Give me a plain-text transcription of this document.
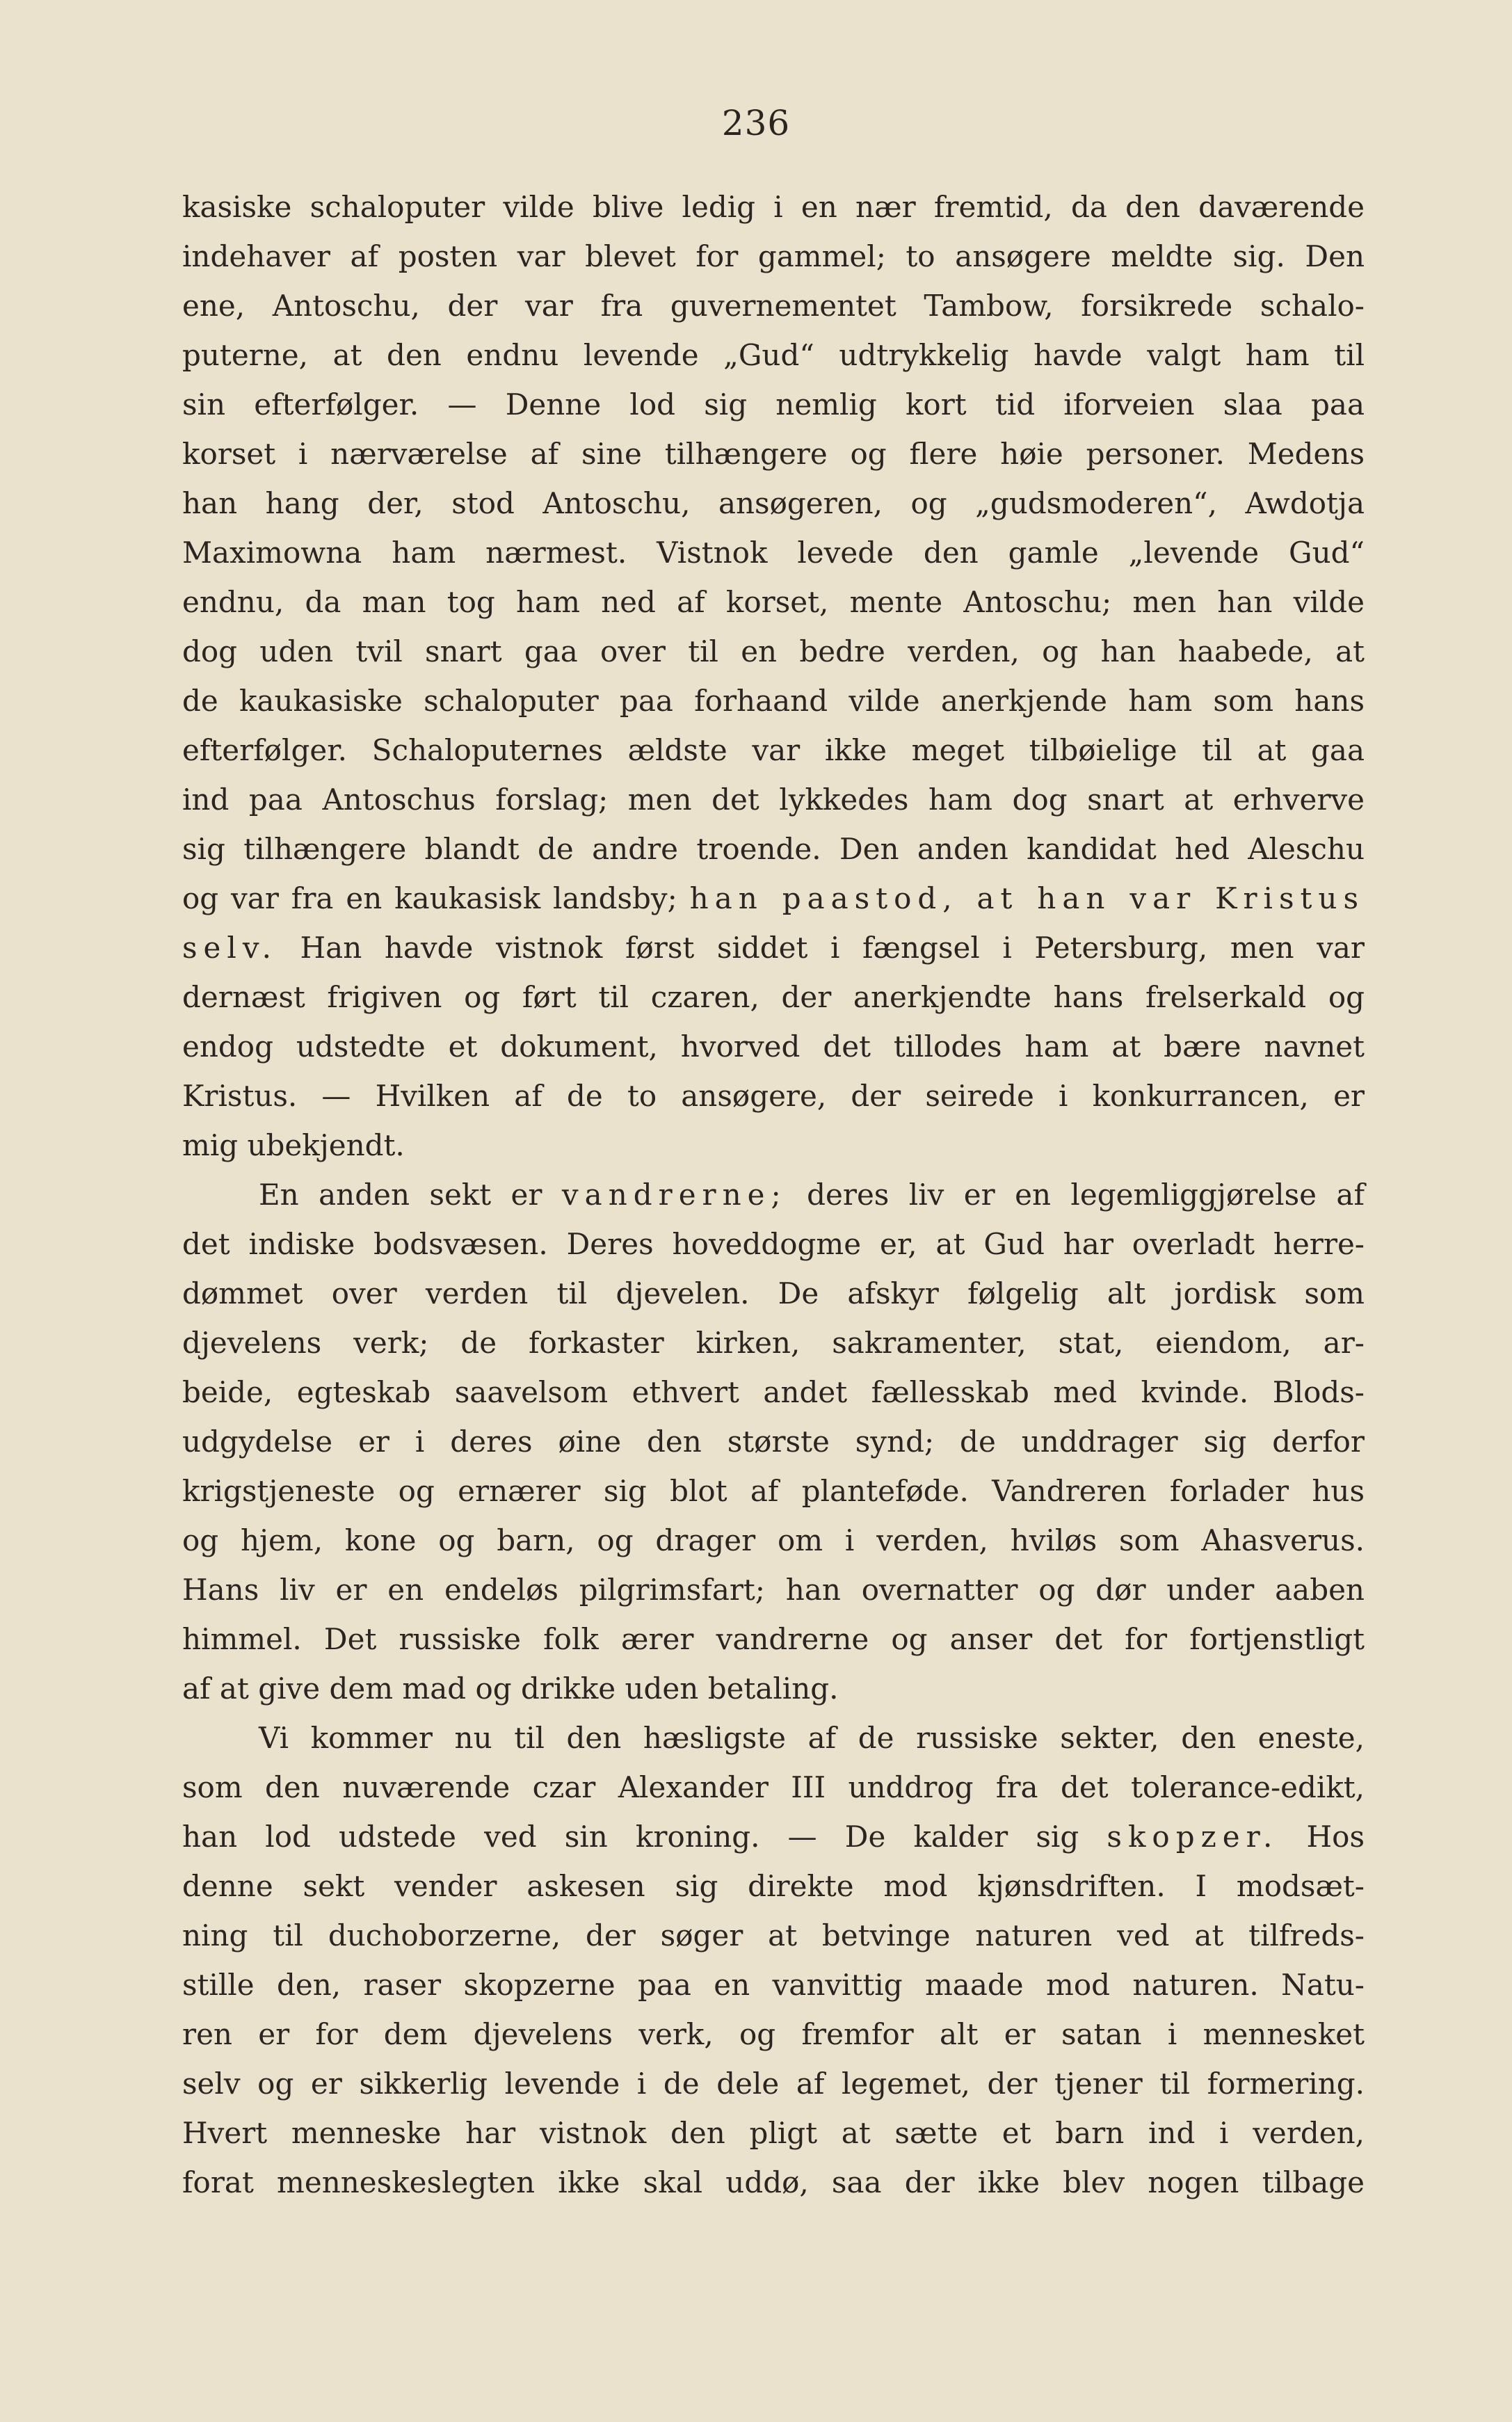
236
kasiske schaloputer vilde blive ledig i en nær fremtid, da den daværende
indehaver af posten var blevet for gammel; to ansøgere meldte sig. Den
ene, Antoschu, der var fra guvernementet Tambow, forsikrede schalo-
puterne, at den endnu levende „Gud“ udtrykkelig havde valgt ham til
sin efterfølger. — Denne lod sig nemlig kort tid iforveien slaa paa
korset i nærværelse af sine tilhængere og flere høie personer. Medens
han hang der, stod Antoschu, ansøgeren, og „gudsmoderen“, Awdotja
Maximowna ham nærmest. Vistnok levede den gamle „levende Gud“
endnu, da man tog ham ned af korset, mente Antoschu; men han vilde
dog uden tvil snart gaa over til en bedre verden, og han haabede, at
de kaukasiske schaloputer paa forhaand vilde anerkjende ham som hans
efterfølger. Schaloputernes ældste var ikke meget tilbøielige til at gaa
ind paa Antoschus forslag; men det lykkedes ham dog snart at erhverve
sig tilhængere blandt de andre troende. Den anden kandidat hed Aleschu
og var fra en kaukasisk landsby; han paastod, at han var Kristus
selv. Han havde vistnok først siddet i fængsel i Petersburg, men var
dernæst frigiven og ført til czaren, der anerkjendte hans frelserkald og
endog udstedte et dokument, hvorved det tillodes ham at bære navnet
Kristus. — Hvilken af de to ansøgere, der seirede i konkurrancen, er
mig ubekjendt.
En anden sekt er vandrerne; deres liv er en legemliggjørelse af
det indiske bodsvæsen. Deres hoveddogme er, at Gud har overladt herre-
dømmet over verden til djevelen. De afskyr følgelig alt jordisk som
djevelens verk; de forkaster kirken, sakramenter, stat, eiendom, ar-
beide, egteskab saavelsom ethvert andet fællesskab med kvinde. Blods-
udgydelse er i deres øine den største synd; de unddrager sig derfor
krigstjeneste og ernærer sig blot af planteføde. Vandreren forlader hus
og hjem, kone og barn, og drager om i verden, hviløs som Ahasverus.
Hans liv er en endeløs pilgrimsfart; han overnatter og dør under aaben
himmel. Det russiske folk ærer vandrerne og anser det for fortjenstligt
af at give dem mad og drikke uden betaling.
Vi kommer nu til den hæsligste af de russiske sekter, den eneste,
som den nuværende czar Alexander III unddrog fra det tolerance-edikt,
han lod udstede ved sin kroning. — De kalder sig skopzer. Hos
denne sekt vender askesen sig direkte mod kjønsdriften. I modsæt-
ning til duchoborzerne, der søger at betvinge naturen ved at tilfreds-
stille den, raser skopzerne paa en vanvittig maade mod naturen. Natu-
ren er for dem djevelens verk, og fremfor alt er satan i mennesket
selv og er sikkerlig levende i de dele af legemet, der tjener til formering.
Hvert menneske har vistnok den pligt at sætte et barn ind i verden,
forat menneskeslegten ikke skal uddø, saa der ikke blev nogen tilbage
